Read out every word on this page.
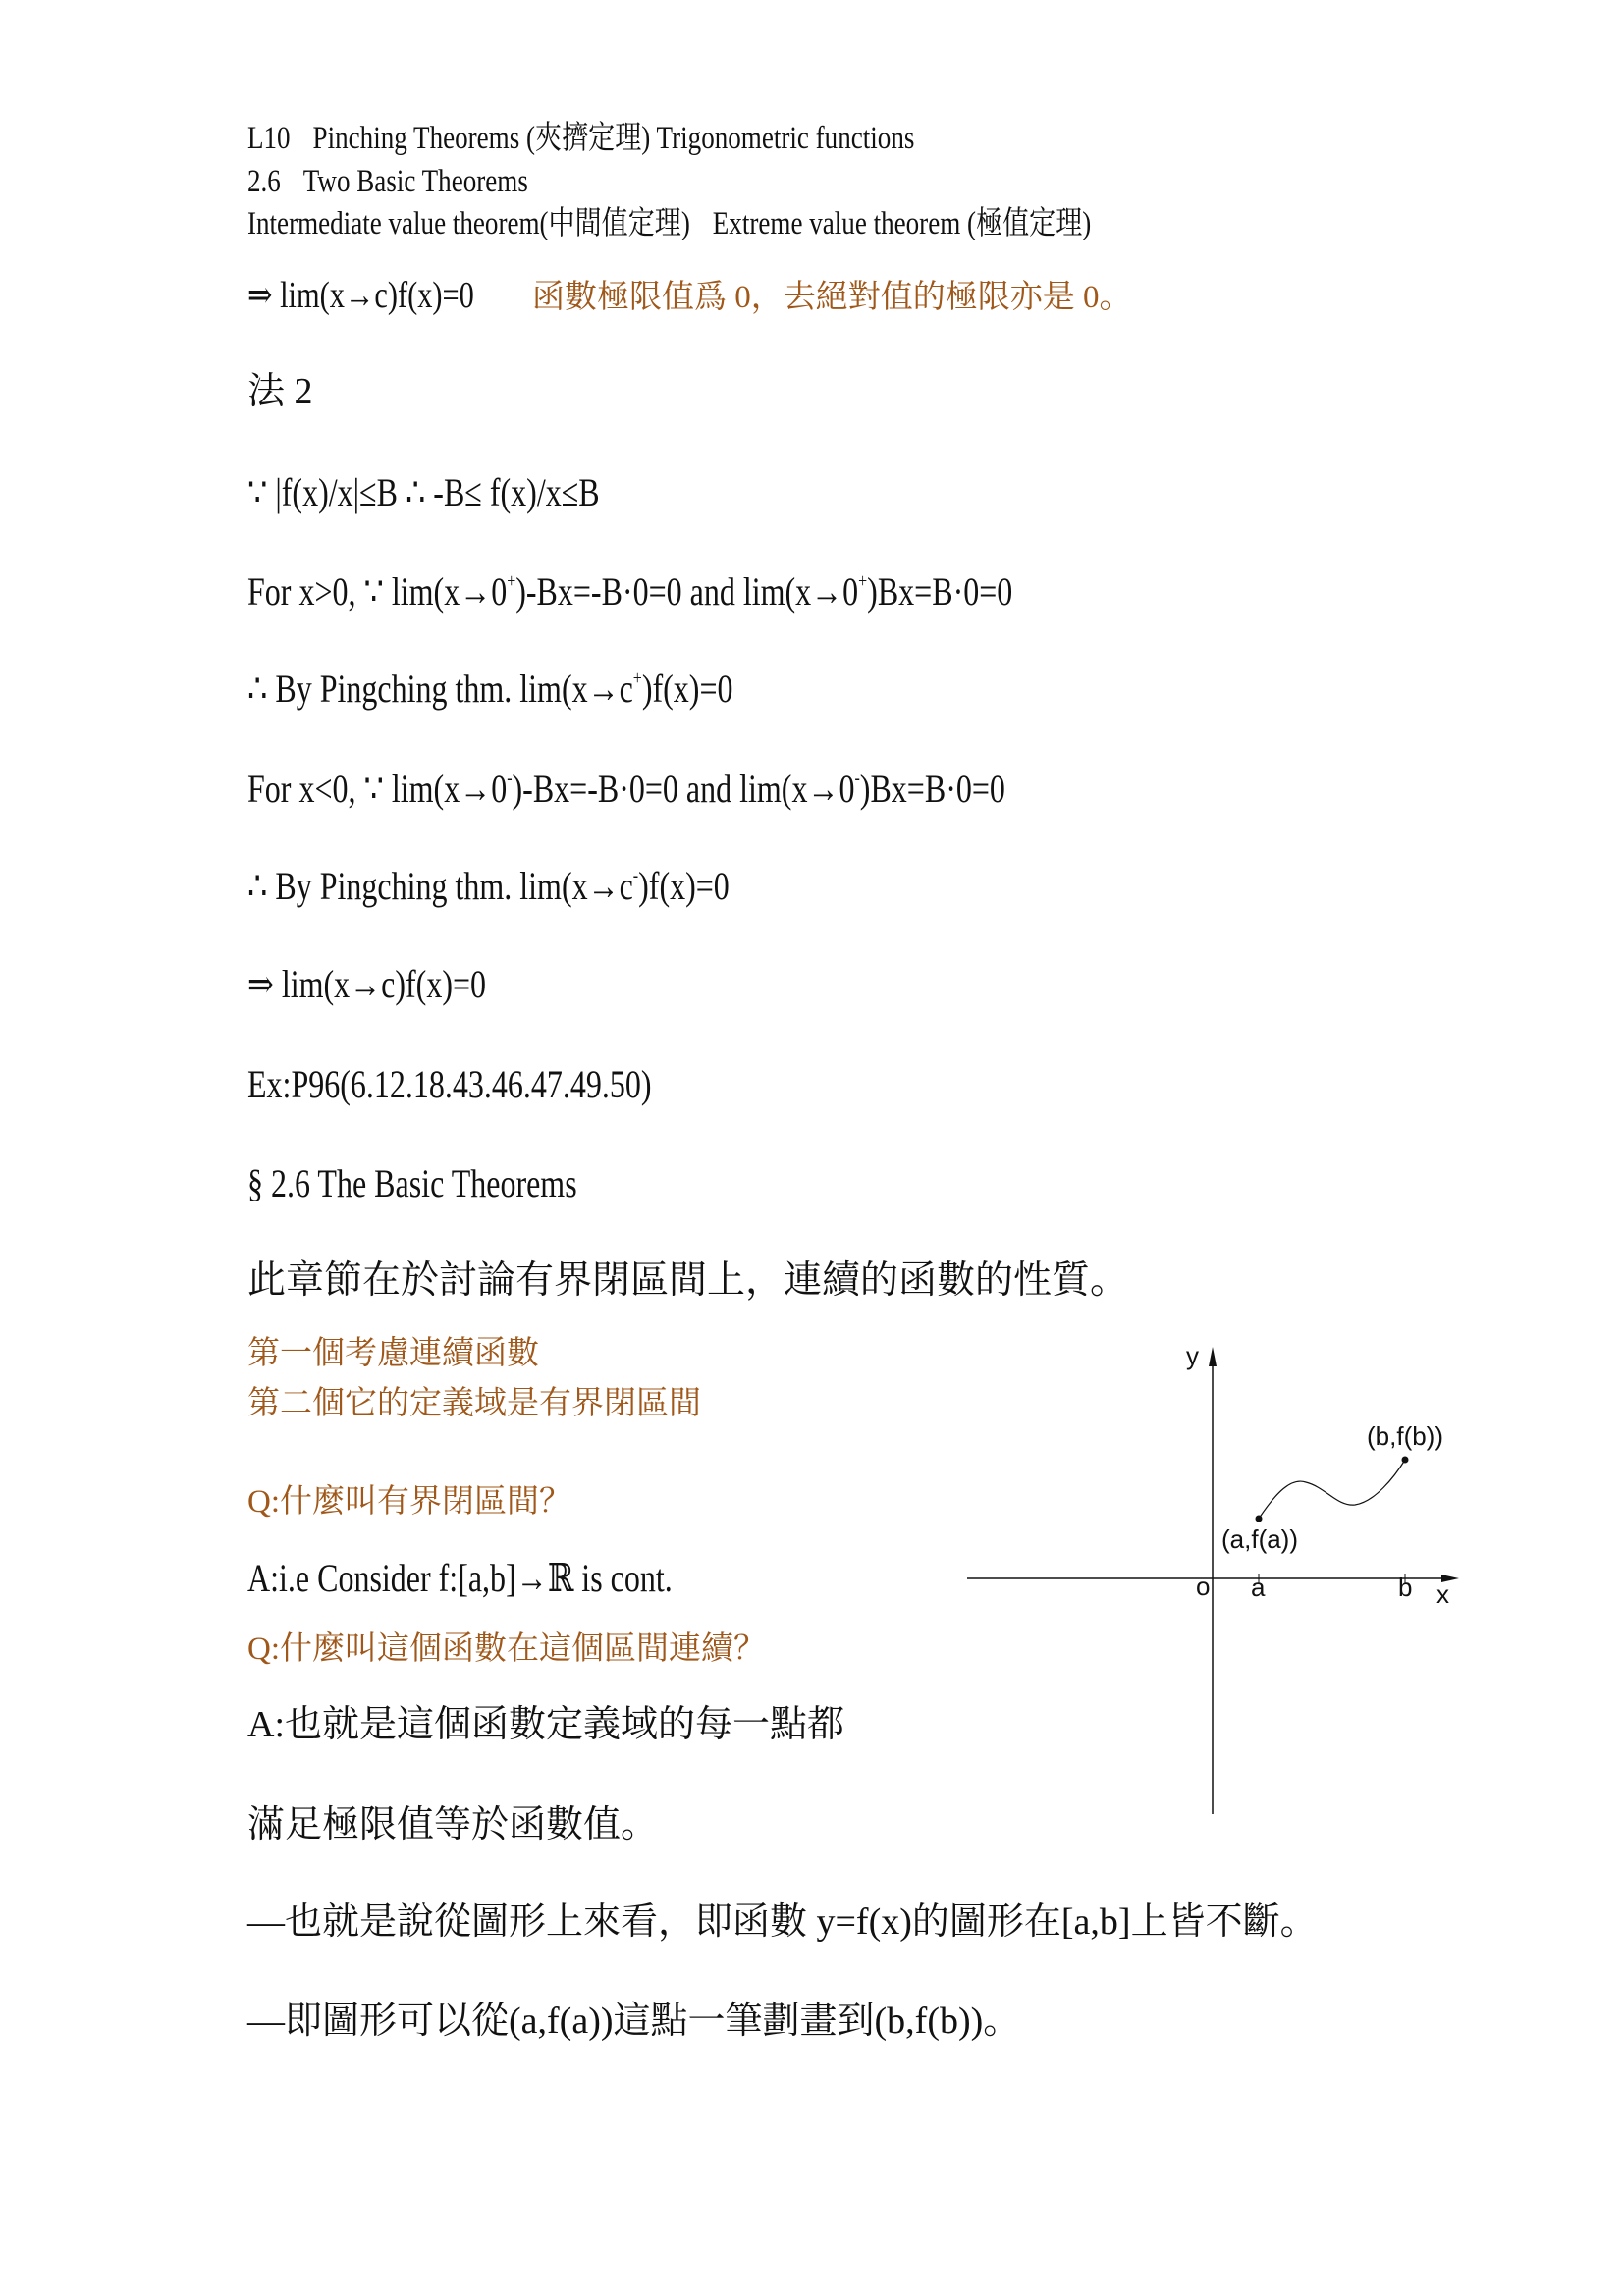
L10 Pinching Theorems (夾擠定理) Trigonometric functions
2.6 Two Basic Theorems
Intermediate value theorem(中間值定理) Extreme value theorem (極值定理)
⇒ lim(x→c)f(x)=0 函數極限值爲 0，去絕對值的極限亦是 0。
法 2
∵ |f(x)/x|≤B ∴ -B≤ f(x)/x≤B
For x>0, ∵ lim(x→0+)-Bx=-B·0=0 and lim(x→0+)Bx=B·0=0
∴ By Pingching thm. lim(x→c+)f(x)=0
For x<0, ∵ lim(x→0-)-Bx=-B·0=0 and lim(x→0-)Bx=B·0=0
∴ By Pingching thm. lim(x→c-)f(x)=0
⇒ lim(x→c)f(x)=0
Ex:P96(6.12.18.43.46.47.49.50)
§ 2.6 The Basic Theorems
此章節在於討論有界閉區間上，連續的函數的性質。
第一個考慮連續函數
第二個它的定義域是有界閉區間
Q:什麼叫有界閉區間？
A:i.e Consider f:[a,b]→ℝ is cont.
Q:什麼叫這個函數在這個區間連續？
A:也就是這個函數定義域的每一點都
滿足極限值等於函數值。
—也就是說從圖形上來看，即函數 y=f(x)的圖形在[a,b]上皆不斷。
—即圖形可以從(a,f(a))這點一筆劃畫到(b,f(b))。
y
x
o a	b
(a,f(a))
(b,f(b))
